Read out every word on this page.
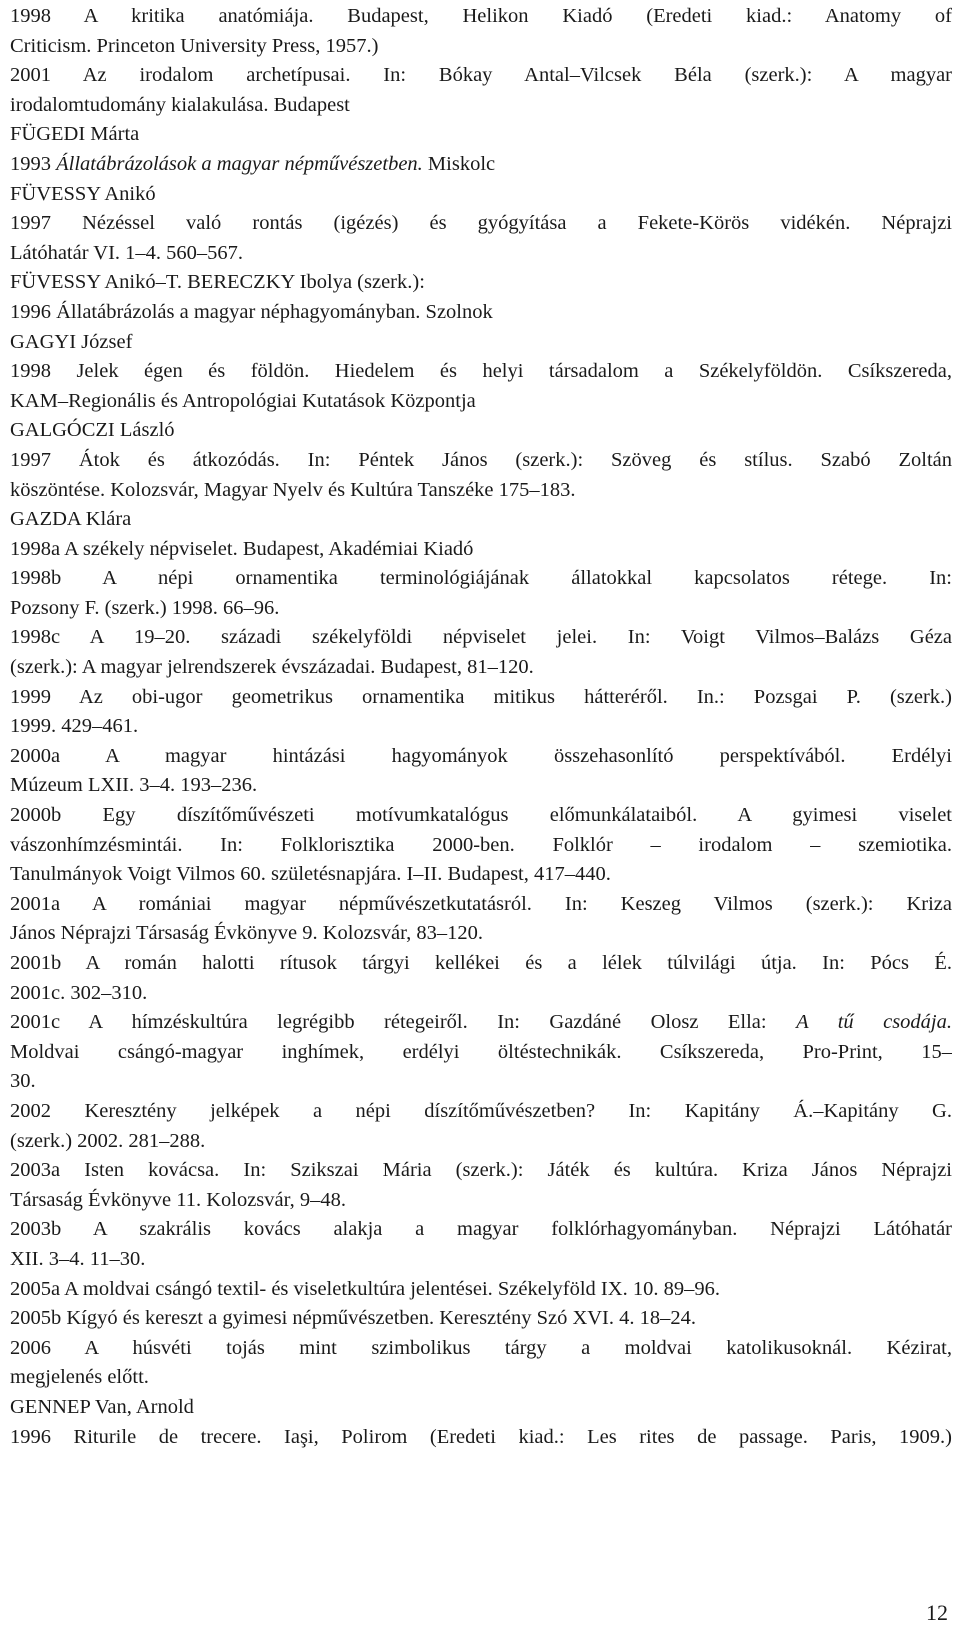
1998 A kritika anatómiája. Budapest, Helikon Kiadó (Eredeti kiad.: Anatomy of
Criticism. Princeton University Press, 1957.)
2001 Az irodalom archetípusai. In: Bókay Antal–Vilcsek Béla (szerk.): A magyar
irodalomtudomány kialakulása. Budapest
FÜGEDI Márta
1993 Állatábrázolások a magyar népművészetben. Miskolc
FÜVESSY Anikó
1997 Nézéssel való rontás (igézés) és gyógyítása a Fekete-Körös vidékén. Néprajzi
Látóhatár VI. 1–4. 560–567.
FÜVESSY Anikó–T. BERECZKY Ibolya (szerk.):
1996 Állatábrázolás a magyar néphagyományban. Szolnok
GAGYI József
1998 Jelek égen és földön. Hiedelem és helyi társadalom a Székelyföldön. Csíkszereda,
KAM–Regionális és Antropológiai Kutatások Központja
GALGÓCZI László
1997 Átok és átkozódás. In: Péntek János (szerk.): Szöveg és stílus. Szabó Zoltán
köszöntése. Kolozsvár, Magyar Nyelv és Kultúra Tanszéke 175–183.
GAZDA Klára
1998a A székely népviselet. Budapest, Akadémiai Kiadó
1998b A népi ornamentika terminológiájának állatokkal kapcsolatos rétege. In:
Pozsony F. (szerk.) 1998. 66–96.
1998c A 19–20. századi székelyföldi népviselet jelei. In: Voigt Vilmos–Balázs Géza
(szerk.): A magyar jelrendszerek évszázadai. Budapest, 81–120.
1999 Az obi-ugor geometrikus ornamentika mitikus hátteréről. In.: Pozsgai P. (szerk.)
1999. 429–461.
2000a A magyar hintázási hagyományok összehasonlító perspektívából. Erdélyi
Múzeum LXII. 3–4. 193–236.
2000b Egy díszítőművészeti motívumkatalógus előmunkálataiból. A gyimesi viselet
vászonhímzésmintái. In: Folklorisztika 2000-ben. Folklór – irodalom – szemiotika.
Tanulmányok Voigt Vilmos 60. születésnapjára. I–II. Budapest, 417–440.
2001a A romániai magyar népművészetkutatásról. In: Keszeg Vilmos (szerk.): Kriza
János Néprajzi Társaság Évkönyve 9. Kolozsvár, 83–120.
2001b A román halotti rítusok tárgyi kellékei és a lélek túlvilági útja. In: Pócs É.
2001c. 302–310.
2001c A hímzéskultúra legrégibb rétegeiről. In: Gazdáné Olosz Ella: A tű csodája.
Moldvai csángó-magyar inghímek, erdélyi öltéstechnikák. Csíkszereda, Pro-Print, 15–
30.
2002 Keresztény jelképek a népi díszítőművészetben? In: Kapitány Á.–Kapitány G.
(szerk.) 2002. 281–288.
2003a Isten kovácsa. In: Szikszai Mária (szerk.): Játék és kultúra. Kriza János Néprajzi
Társaság Évkönyve 11. Kolozsvár, 9–48.
2003b A szakrális kovács alakja a magyar folklórhagyományban. Néprajzi Látóhatár
XII. 3–4. 11–30.
2005a A moldvai csángó textil- és viseletkultúra jelentései. Székelyföld IX. 10. 89–96.
2005b Kígyó és kereszt a gyimesi népművészetben. Keresztény Szó XVI. 4. 18–24.
2006 A húsvéti tojás mint szimbolikus tárgy a moldvai katolikusoknál. Kézirat,
megjelenés előtt.
GENNEP Van, Arnold
1996 Riturile de trecere. Iaşi, Polirom (Eredeti kiad.: Les rites de passage. Paris, 1909.)
12
